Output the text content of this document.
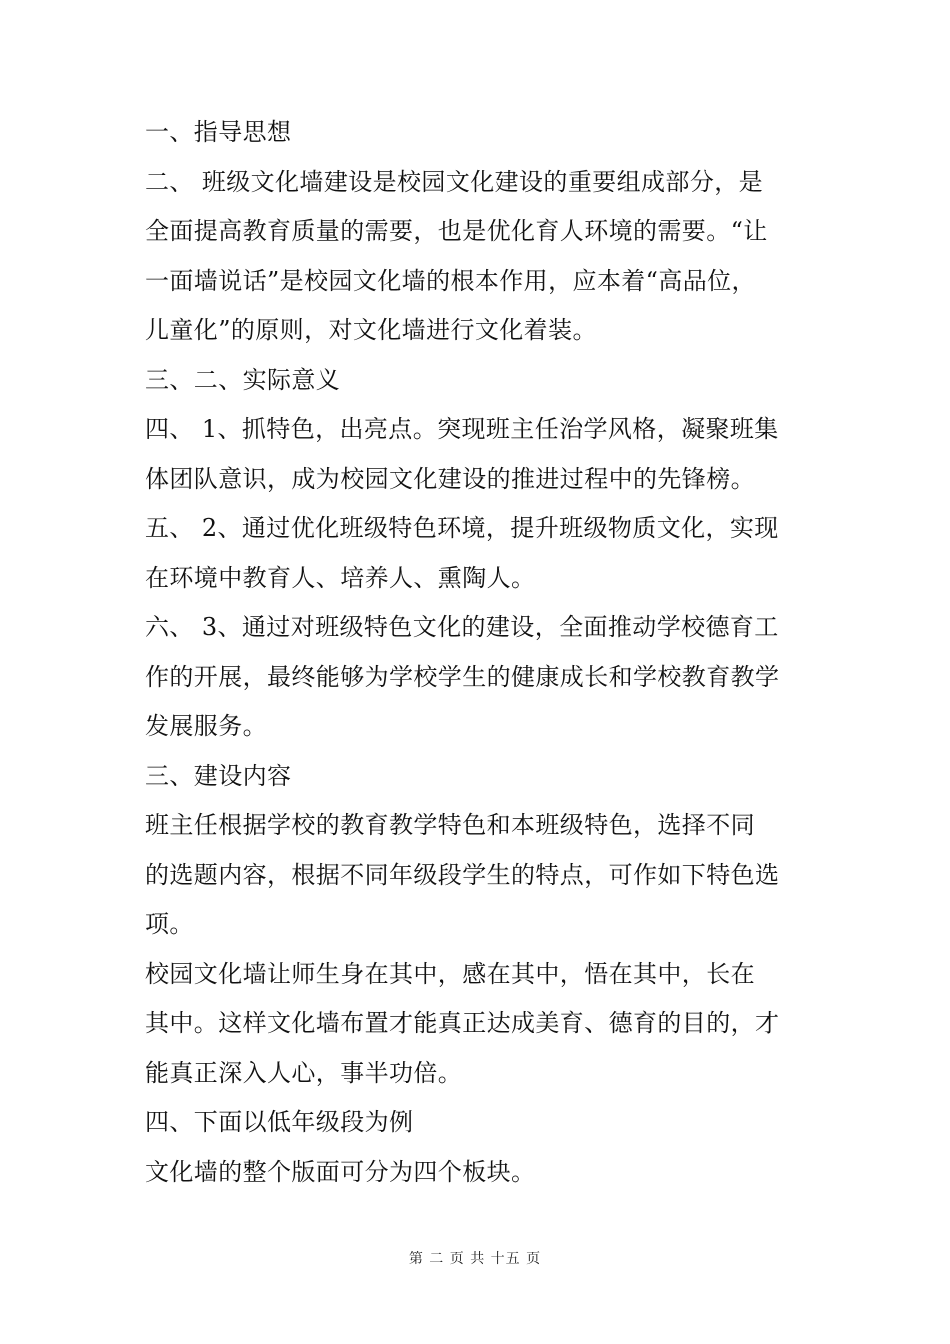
一、指导思想
二、 班级文化墙建设是校园文化建设的重要组成部分，是
全面提高教育质量的需要，也是优化育人环境的需要。“让
一面墙说话”是校园文化墙的根本作用，应本着“高品位，
儿童化”的原则，对文化墙进行文化着装。
三、二、实际意义
四、 1、抓特色，出亮点。突现班主任治学风格，凝聚班集
体团队意识，成为校园文化建设的推进过程中的先锋榜。
五、 2、通过优化班级特色环境，提升班级物质文化，实现
在环境中教育人、培养人、熏陶人。
六、 3、通过对班级特色文化的建设，全面推动学校德育工
作的开展，最终能够为学校学生的健康成长和学校教育教学
发展服务。
三、建设内容
班主任根据学校的教育教学特色和本班级特色，选择不同
的选题内容，根据不同年级段学生的特点，可作如下特色选
项。
校园文化墙让师生身在其中，感在其中，悟在其中，长在
其中。这样文化墙布置才能真正达成美育、德育的目的，才
能真正深入人心，事半功倍。
四、下面以低年级段为例
文化墙的整个版面可分为四个板块。
第 二 页 共 十五 页
